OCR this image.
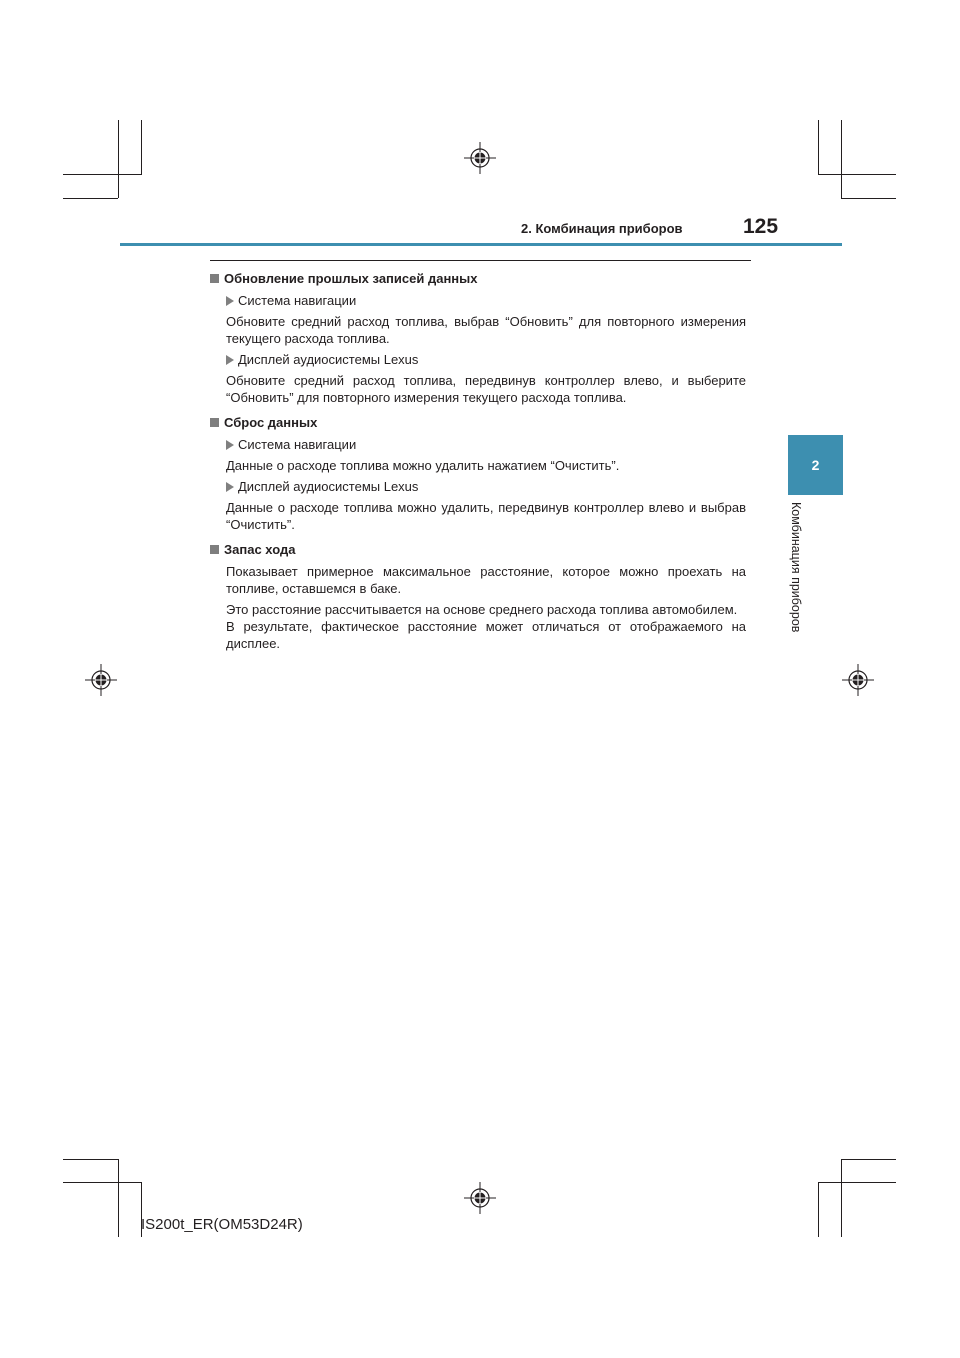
2. Комбинация приборов	125
2
Комбинация приборов
Обновление прошлых записей данных
Система навигации
Обновите средний расход топлива, выбрав “Обновить” для повторного измерения текущего расхода топлива.
Дисплей аудиосистемы Lexus
Обновите средний расход топлива, передвинув контроллер влево, и выберите “Обновить” для повторного измерения текущего расхода топлива.
Сброс данных
Система навигации
Данные о расходе топлива можно удалить нажатием “Очистить”.
Дисплей аудиосистемы Lexus
Данные о расходе топлива можно удалить, передвинув контроллер влево и выбрав “Очистить”.
Запас хода
Показывает примерное максимальное расстояние, которое можно проехать на топливе, оставшемся в баке.
Это расстояние рассчитывается на основе среднего расхода топлива автомобилем.
В результате, фактическое расстояние может отличаться от отображаемого на дисплее.
IS200t_ER(OM53D24R)
